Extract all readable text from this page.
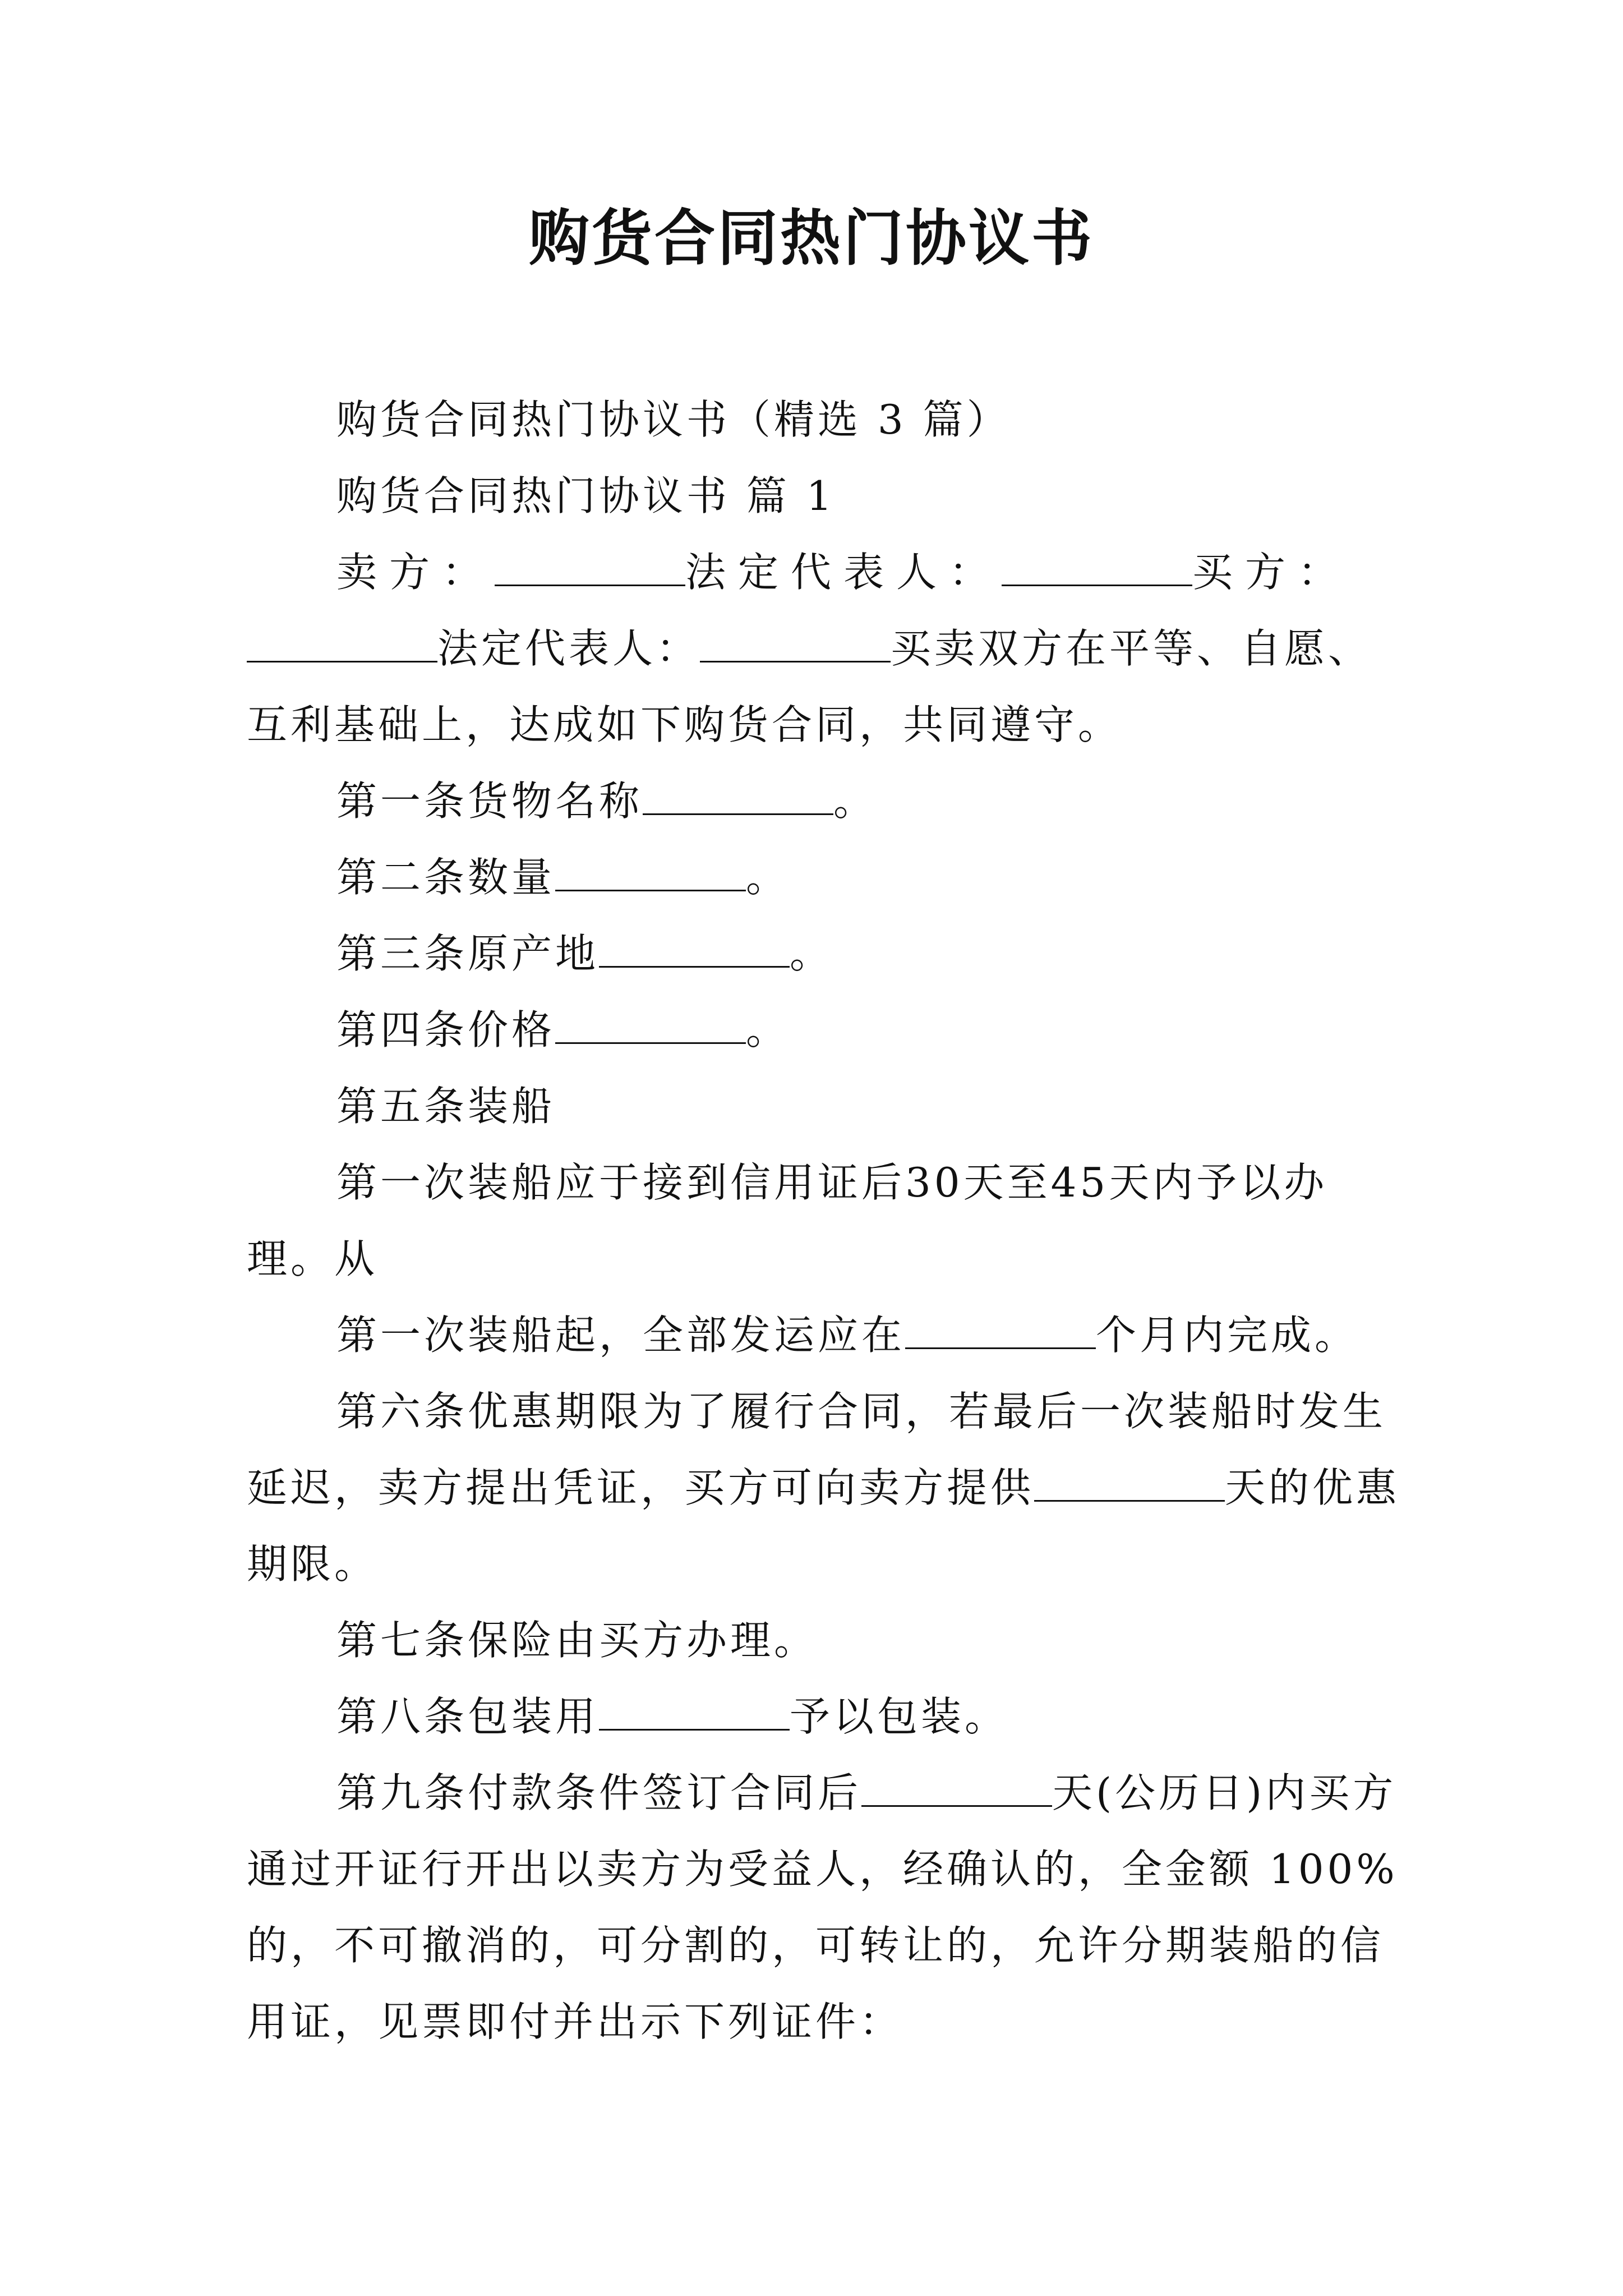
购货合同热门协议书

购货合同热门协议书（精选 3 篇）

购货合同热门协议书 篇 1

卖方：	法定代表人：	买方：法定代表人：	买卖双方在平等、自愿、互利基础上，达成如下购货合同，共同遵守。

第一条货物名称	。

第二条数量	。

第三条原产地	。

第四条价格	。

第五条装船

第一次装船应于接到信用证后30天至45天内予以办理。从

第一次装船起，全部发运应在	个月内完成。

第六条优惠期限为了履行合同，若最后一次装船时发生延迟，卖方提出凭证，买方可向卖方提供	天的优惠期限。

第七条保险由买方办理。

第八条包装用	予以包装。

第九条付款条件签订合同后	天(公历日)内买方通过开证行开出以卖方为受益人，经确认的，全金额 100%的，不可撤消的，可分割的，可转让的，允许分期装船的信用证，见票即付并出示下列证件：
